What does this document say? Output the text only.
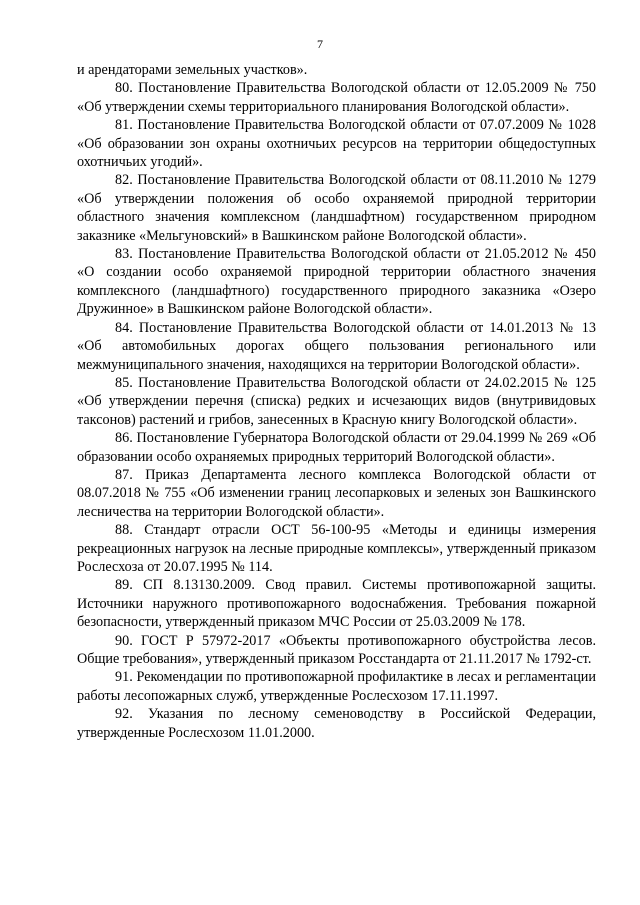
7

и арендаторами земельных участков».

80. Постановление Правительства Вологодской области от 12.05.2009 № 750 «Об утверждении схемы территориального планирования Вологодской области».

81. Постановление Правительства Вологодской области от 07.07.2009 № 1028 «Об образовании зон охраны охотничьих ресурсов на территории общедоступных охотничьих угодий».

82. Постановление Правительства Вологодской области от 08.11.2010 № 1279 «Об утверждении положения об особо охраняемой природной территории областного значения комплексном (ландшафтном) государственном природном заказнике «Мельгуновский» в Вашкинском районе Вологодской области».

83. Постановление Правительства Вологодской области от 21.05.2012 № 450 «О создании особо охраняемой природной территории областного значения комплексного (ландшафтного) государственного природного заказника «Озеро Дружинное» в Вашкинском районе Вологодской области».

84. Постановление Правительства Вологодской области от 14.01.2013 № 13 «Об автомобильных дорогах общего пользования регионального или межмуниципального значения, находящихся на территории Вологодской области».

85. Постановление Правительства Вологодской области от 24.02.2015 № 125 «Об утверждении перечня (списка) редких и исчезающих видов (внутривидовых таксонов) растений и грибов, занесенных в Красную книгу Вологодской области».

86. Постановление Губернатора Вологодской области от 29.04.1999 № 269 «Об образовании особо охраняемых природных территорий Вологодской области».

87. Приказ Департамента лесного комплекса Вологодской области от 08.07.2018 № 755 «Об изменении границ лесопарковых и зеленых зон Вашкинского лесничества на территории Вологодской области».

88. Стандарт отрасли ОСТ 56-100-95 «Методы и единицы измерения рекреационных нагрузок на лесные природные комплексы», утвержденный приказом Рослесхоза от 20.07.1995 № 114.

89. СП 8.13130.2009. Свод правил. Системы противопожарной защиты. Источники наружного противопожарного водоснабжения. Требования пожарной безопасности, утвержденный приказом МЧС России от 25.03.2009 № 178.

90. ГОСТ Р 57972-2017 «Объекты противопожарного обустройства лесов. Общие требования», утвержденный приказом Росстандарта от 21.11.2017 № 1792-ст.

91. Рекомендации по противопожарной профилактике в лесах и регламентации работы лесопожарных служб, утвержденные Рослесхозом 17.11.1997.

92. Указания по лесному семеноводству в Российской Федерации, утвержденные Рослесхозом 11.01.2000.
